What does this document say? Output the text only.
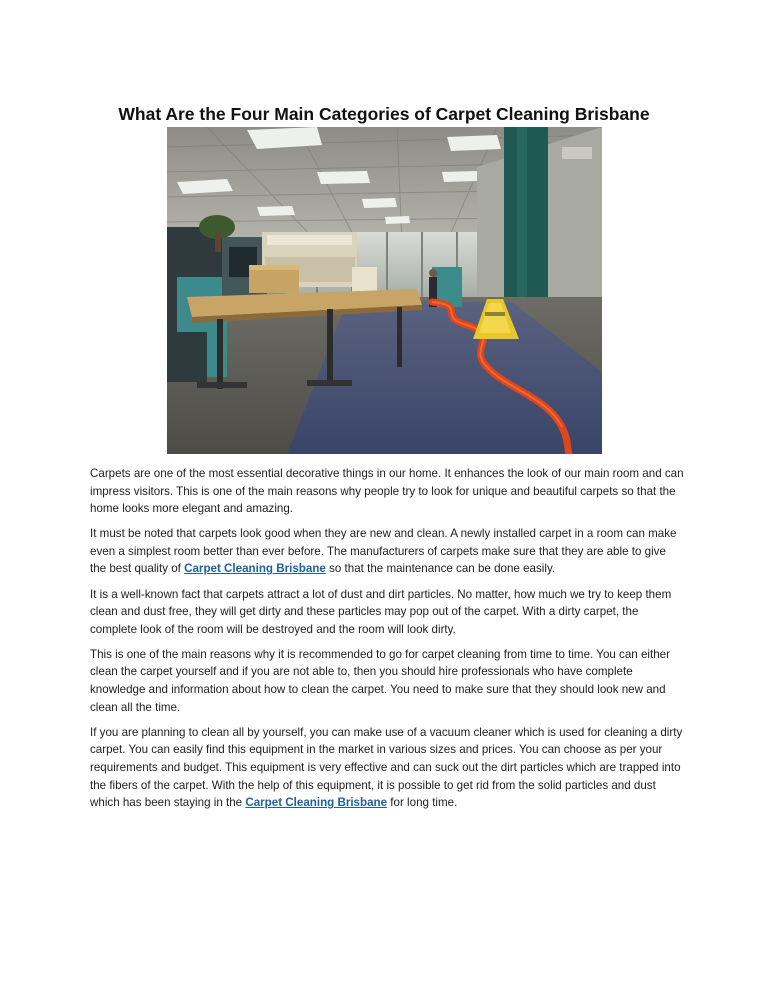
What Are the Four Main Categories of Carpet Cleaning Brisbane

Carpets are one of the most essential decorative things in our home. It enhances the look of our main room and can impress visitors. This is one of the main reasons why people try to look for unique and beautiful carpets so that the home looks more elegant and amazing.

It must be noted that carpets look good when they are new and clean. A newly installed carpet in a room can make even a simplest room better than ever before. The manufacturers of carpets make sure that they are able to give the best quality of Carpet Cleaning Brisbane so that the maintenance can be done easily.

It is a well-known fact that carpets attract a lot of dust and dirt particles. No matter, how much we try to keep them clean and dust free, they will get dirty and these particles may pop out of the carpet. With a dirty carpet, the complete look of the room will be destroyed and the room will look dirty.

This is one of the main reasons why it is recommended to go for carpet cleaning from time to time. You can either clean the carpet yourself and if you are not able to, then you should hire professionals who have complete knowledge and information about how to clean the carpet. You need to make sure that they should look new and clean all the time.

If you are planning to clean all by yourself, you can make use of a vacuum cleaner which is used for cleaning a dirty carpet. You can easily find this equipment in the market in various sizes and prices. You can choose as per your requirements and budget. This equipment is very effective and can suck out the dirt particles which are trapped into the fibers of the carpet. With the help of this equipment, it is possible to get rid from the solid particles and dust which has been staying in the Carpet Cleaning Brisbane for long time.
